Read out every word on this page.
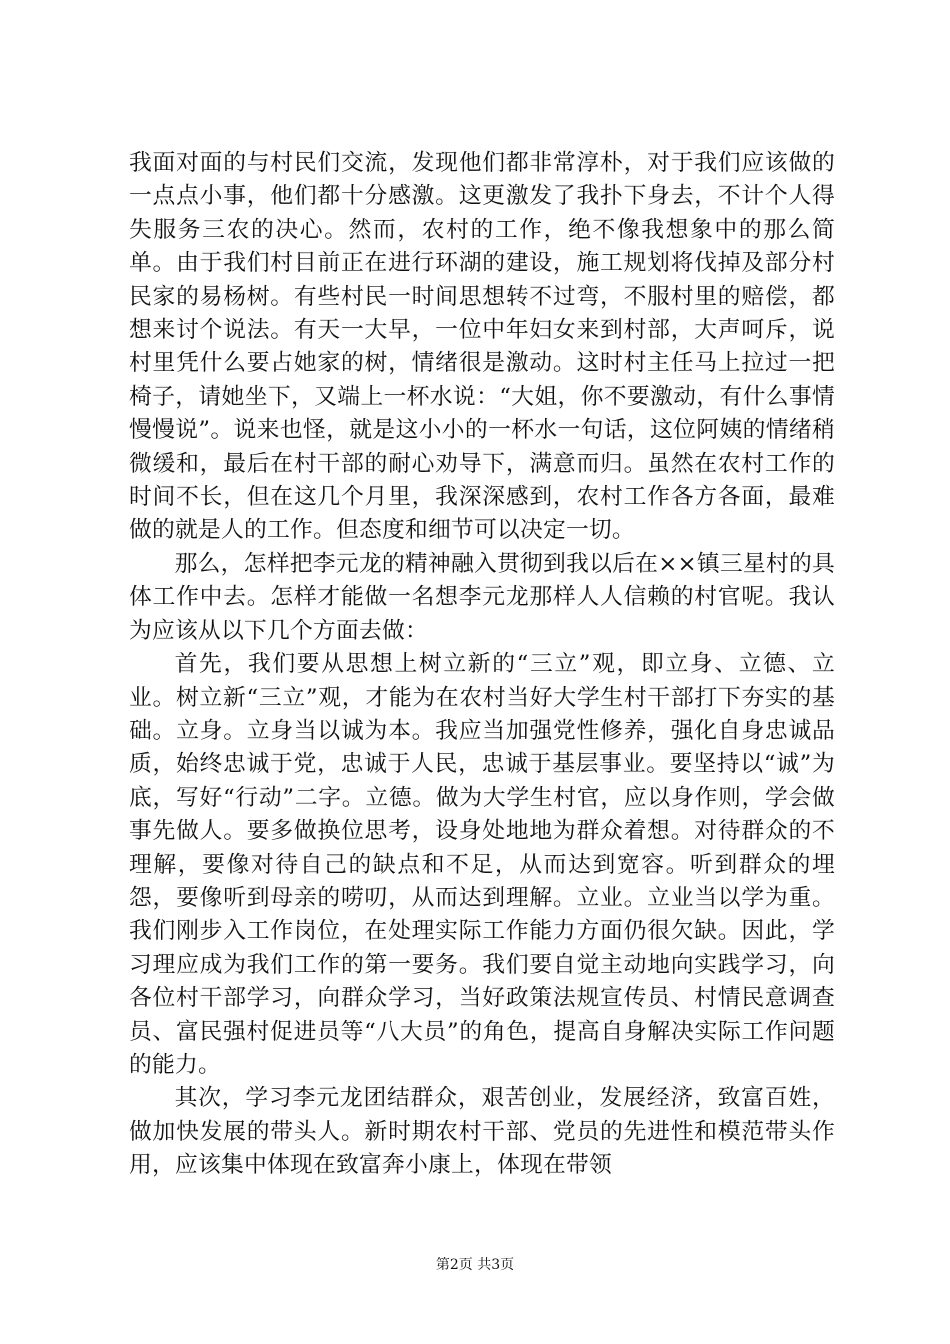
我面对面的与村民们交流，发现他们都非常淳朴，对于我们应该做的一点点小事，他们都十分感激。这更激发了我扑下身去，不计个人得失服务三农的决心。然而，农村的工作，绝不像我想象中的那么简单。由于我们村目前正在进行环湖的建设，施工规划将伐掉及部分村民家的易杨树。有些村民一时间思想转不过弯，不服村里的赔偿，都想来讨个说法。有天一大早，一位中年妇女来到村部，大声呵斥，说村里凭什么要占她家的树，情绪很是激动。这时村主任马上拉过一把椅子，请她坐下，又端上一杯水说：“大姐，你不要激动，有什么事情慢慢说”。说来也怪，就是这小小的一杯水一句话，这位阿姨的情绪稍微缓和，最后在村干部的耐心劝导下，满意而归。虽然在农村工作的时间不长，但在这几个月里，我深深感到，农村工作各方各面，最难做的就是人的工作。但态度和细节可以决定一切。

那么，怎样把李元龙的精神融入贯彻到我以后在××镇三星村的具体工作中去。怎样才能做一名想李元龙那样人人信赖的村官呢。我认为应该从以下几个方面去做：

首先，我们要从思想上树立新的“三立”观，即立身、立德、立业。树立新“三立”观，才能为在农村当好大学生村干部打下夯实的基础。立身。立身当以诚为本。我应当加强党性修养，强化自身忠诚品质，始终忠诚于党，忠诚于人民，忠诚于基层事业。要坚持以“诚”为底，写好“行动”二字。立德。做为大学生村官，应以身作则，学会做事先做人。要多做换位思考，设身处地地为群众着想。对待群众的不理解，要像对待自己的缺点和不足，从而达到宽容。听到群众的埋怨，要像听到母亲的唠叨，从而达到理解。立业。立业当以学为重。我们刚步入工作岗位，在处理实际工作能力方面仍很欠缺。因此，学习理应成为我们工作的第一要务。我们要自觉主动地向实践学习，向各位村干部学习，向群众学习，当好政策法规宣传员、村情民意调查员、富民强村促进员等“八大员”的角色，提高自身解决实际工作问题的能力。

其次，学习李元龙团结群众，艰苦创业，发展经济，致富百姓，做加快发展的带头人。新时期农村干部、党员的先进性和模范带头作用，应该集中体现在致富奔小康上，体现在带领

第2页 共3页
